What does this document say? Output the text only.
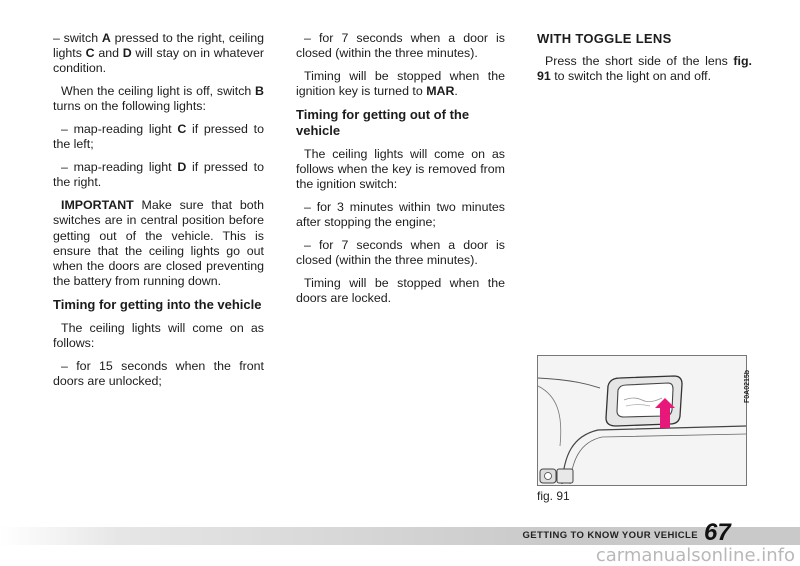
– switch A pressed to the right, ceiling lights C and D will stay on in whatever condition.

When the ceiling light is off, switch B turns on the following lights:

– map-reading light C if pressed to the left;

– map-reading light D if pressed to the right.

IMPORTANT Make sure that both switches are in central position before getting out of the vehicle. This is ensure that the ceiling lights go out when the doors are closed preventing the battery from running down.

Timing for getting into the vehicle

The ceiling lights will come on as follows:

– for 15 seconds when the front doors are unlocked;

– for 7 seconds when a door is closed (within the three minutes).

Timing will be stopped when the ignition key is turned to MAR.

Timing for getting out of the vehicle

The ceiling lights will come on as follows when the key is removed from the ignition switch:

– for 3 minutes within two minutes after stopping the engine;

– for 7 seconds when a door is closed (within the three minutes).

Timing will be stopped when the doors are locked.

WITH TOGGLE LENS

Press the short side of the lens fig. 91 to switch the light on and off.

F0A0215b
fig. 91
GETTING TO KNOW YOUR VEHICLE 67
carmanualsonline.info
